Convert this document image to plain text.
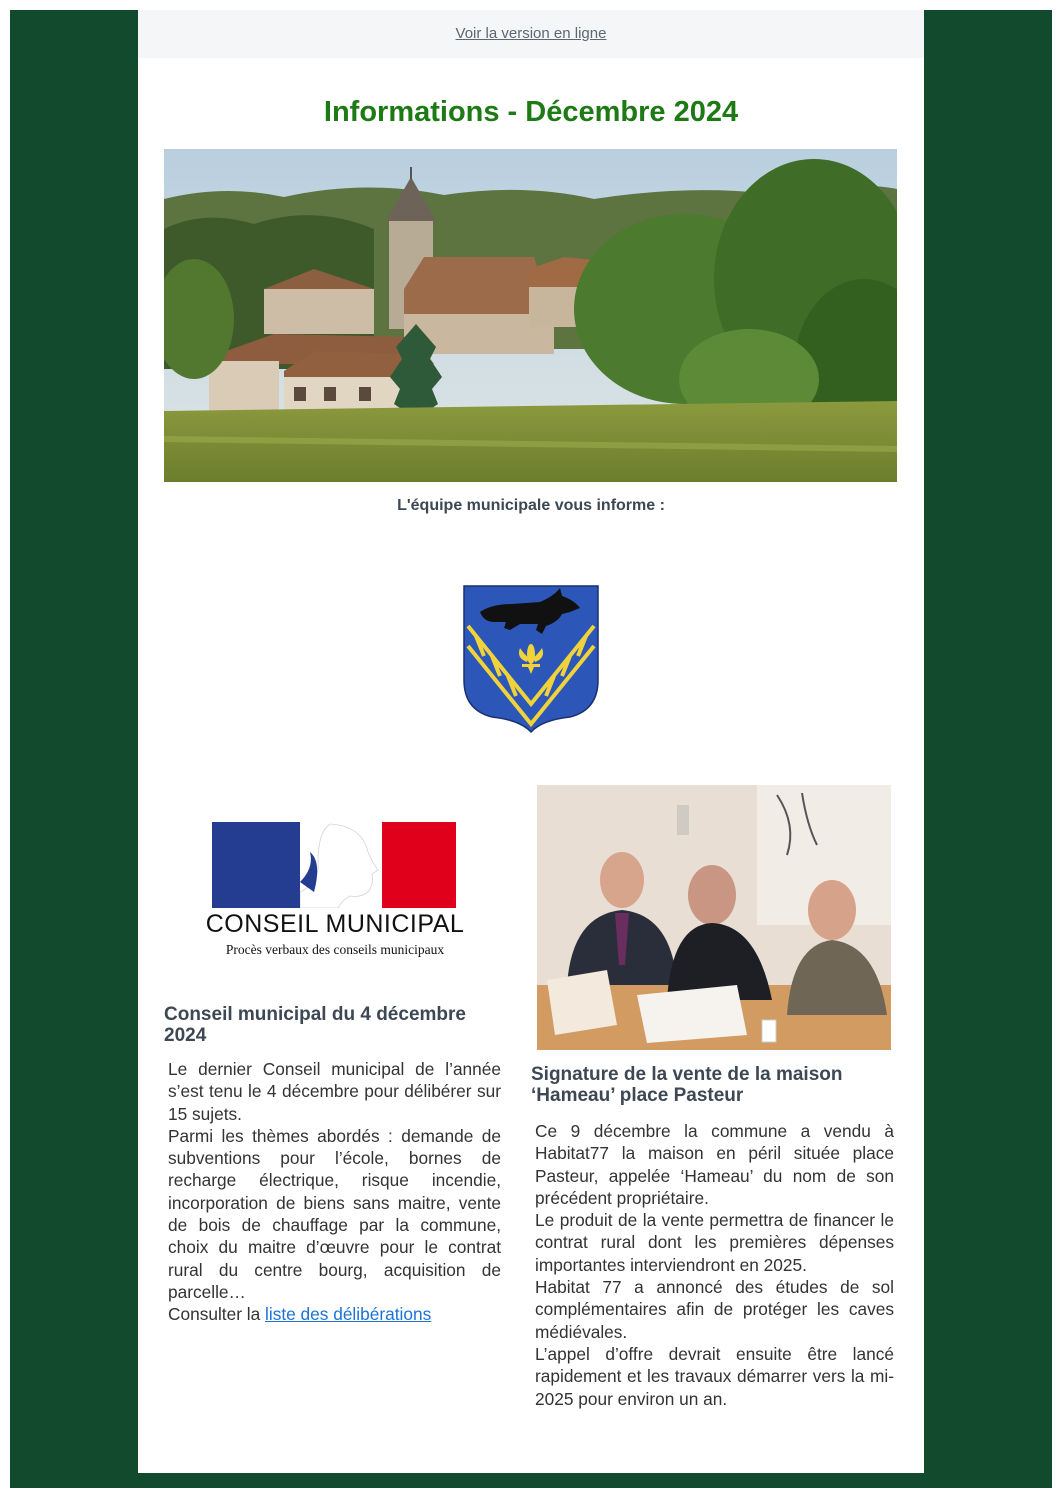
Voir la version en ligne
Informations - Décembre 2024
L'équipe municipale vous informe :
CONSEIL MUNICIPAL
Procès verbaux des conseils municipaux
Conseil municipal du 4 décembre 2024

Le dernier Conseil municipal de l’année s’est tenu le 4 décembre pour délibérer sur 15 sujets.

Parmi les thèmes abordés : demande de subventions pour l’école, bornes de recharge électrique, risque incendie, incorporation de biens sans maitre, vente de bois de chauffage par la commune, choix du maitre d’œuvre pour le contrat rural du centre bourg, acquisition de parcelle…

Consulter la liste des délibérations

Signature de la vente de la maison ‘Hameau’ place Pasteur

Ce 9 décembre la commune a vendu à Habitat77 la maison en péril située place Pasteur, appelée ‘Hameau’ du nom de son précédent propriétaire.

Le produit de la vente permettra de financer le contrat rural dont les premières dépenses importantes interviendront en 2025.

Habitat 77 a annoncé des études de sol complémentaires afin de protéger les caves médiévales.

L’appel d’offre devrait ensuite être lancé rapidement et les travaux démarrer vers la mi-2025 pour environ un an.
